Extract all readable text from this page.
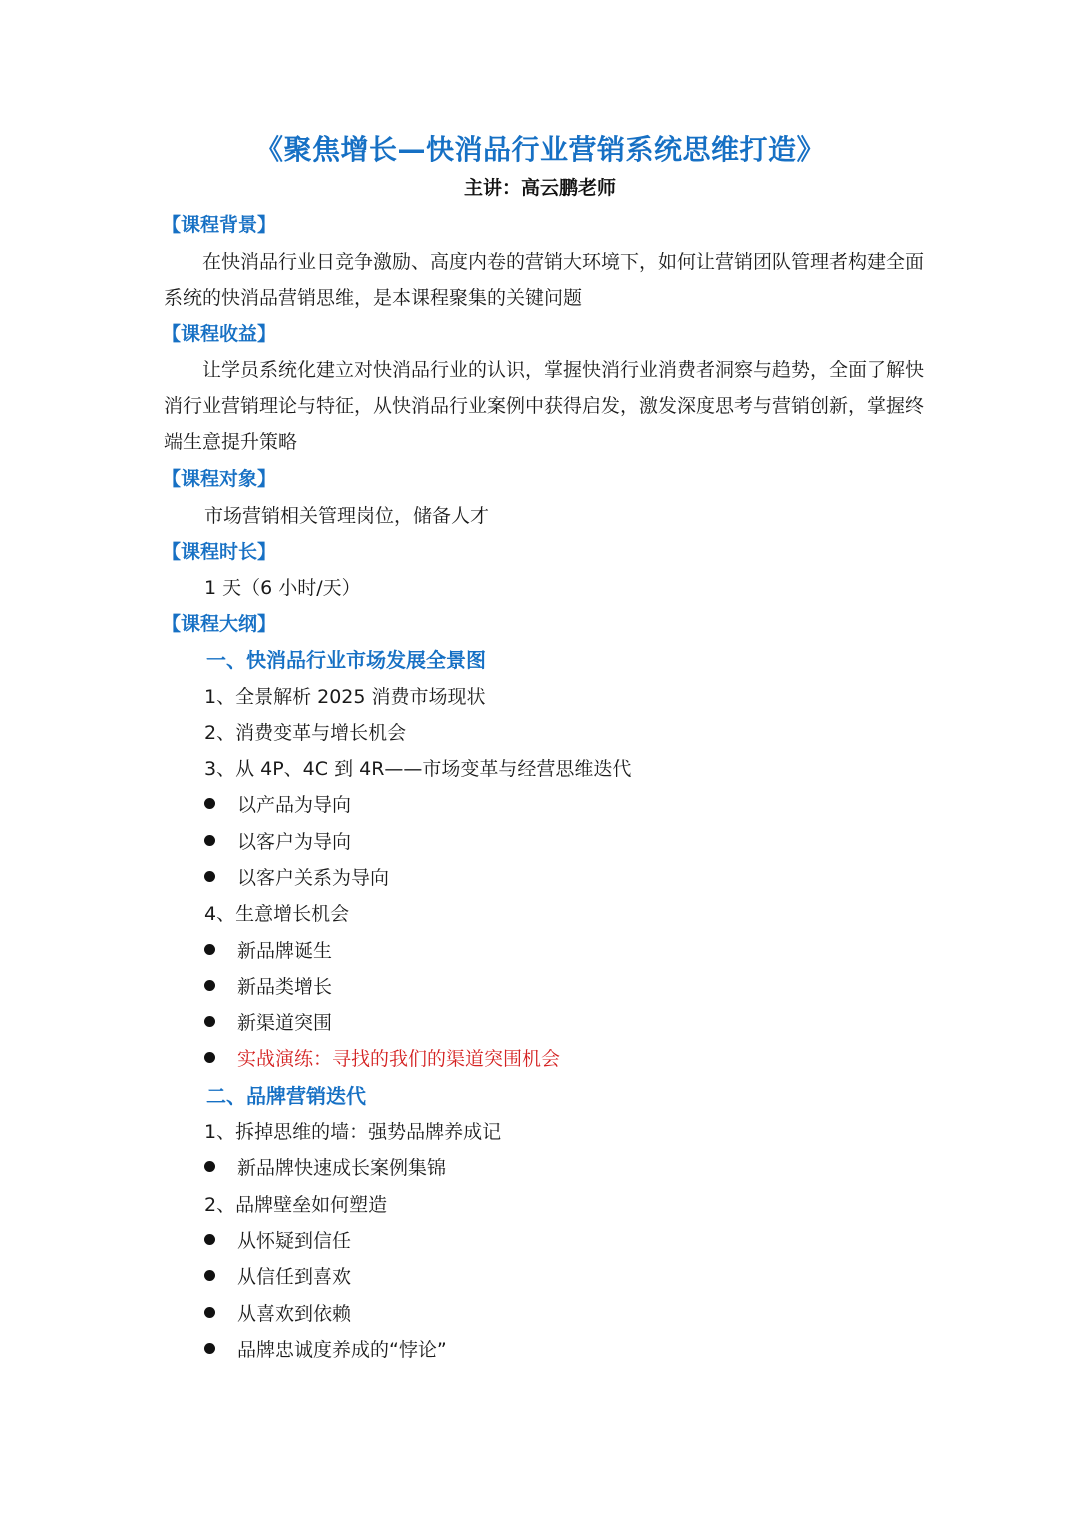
《聚焦增长—快消品行业营销系统思维打造》
主讲：高云鹏老师
【课程背景】
在快消品行业日竞争激励、高度内卷的营销大环境下，如何让营销团队管理者构建全面系统的快消品营销思维，是本课程聚集的关键问题
【课程收益】
让学员系统化建立对快消品行业的认识，掌握快消行业消费者洞察与趋势，全面了解快消行业营销理论与特征，从快消品行业案例中获得启发，激发深度思考与营销创新，掌握终端生意提升策略
【课程对象】
市场营销相关管理岗位，储备人才
【课程时长】
1 天（6 小时/天）
【课程大纲】
一、快消品行业市场发展全景图
1、全景解析 2025 消费市场现状
2、消费变革与增长机会
3、从 4P、4C 到 4R——市场变革与经营思维迭代
以产品为导向
以客户为导向
以客户关系为导向
4、生意增长机会
新品牌诞生
新品类增长
新渠道突围
实战演练：寻找的我们的渠道突围机会
二、品牌营销迭代
1、拆掉思维的墙：强势品牌养成记
新品牌快速成长案例集锦
2、品牌壁垒如何塑造
从怀疑到信任
从信任到喜欢
从喜欢到依赖
品牌忠诚度养成的“悖论”
